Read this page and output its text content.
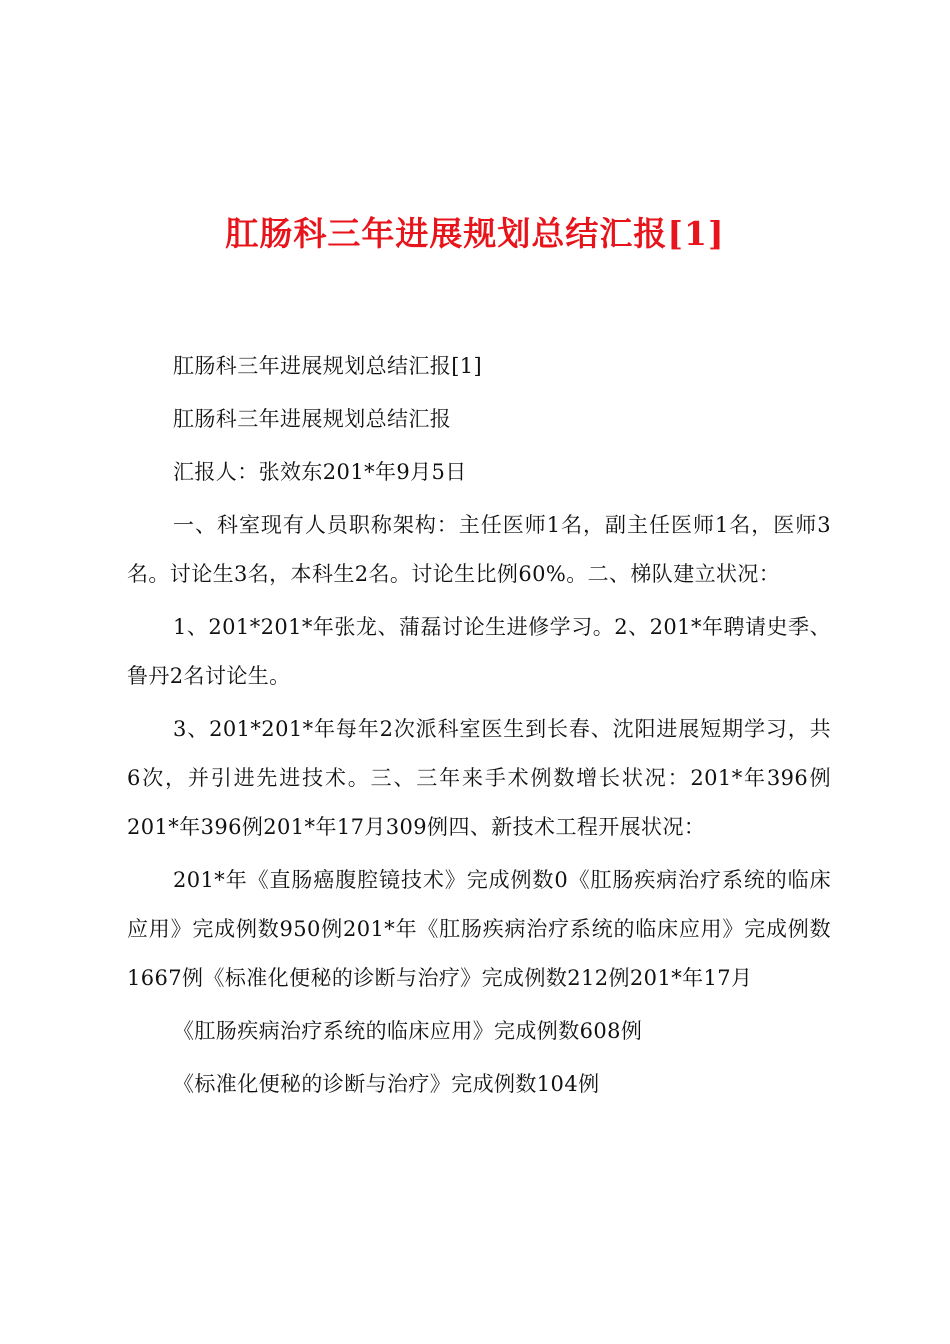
肛肠科三年进展规划总结汇报[1]

肛肠科三年进展规划总结汇报[1]

肛肠科三年进展规划总结汇报

汇报人：张效东201*年9月5日

一、科室现有人员职称架构：主任医师1名，副主任医师1名，医师3名。讨论生3名，本科生2名。讨论生比例60%。二、梯队建立状况：

1、201*201*年张龙、蒲磊讨论生进修学习。2、201*年聘请史季、鲁丹2名讨论生。

3、201*201*年每年2次派科室医生到长春、沈阳进展短期学习，共6次，并引进先进技术。三、三年来手术例数增长状况：201*年396例201*年396例201*年17月309例四、新技术工程开展状况：

201*年《直肠癌腹腔镜技术》完成例数0《肛肠疾病治疗系统的临床应用》完成例数950例201*年《肛肠疾病治疗系统的临床应用》完成例数1667例《标准化便秘的诊断与治疗》完成例数212例201*年17月

《肛肠疾病治疗系统的临床应用》完成例数608例

《标准化便秘的诊断与治疗》完成例数104例
